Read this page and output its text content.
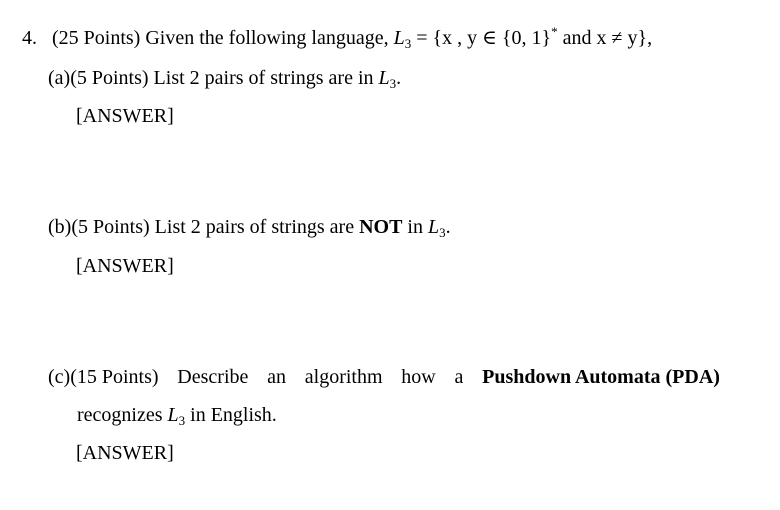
4. (25 Points) Given the following language, $L_3 = \{x$ , y ∈ {0, 1}* and x ≠ y},
(a)(5 Points) List 2 pairs of strings are in $L_3$.
[ANSWER]
(b)(5 Points) List 2 pairs of strings are NOT in $L_3$.
[ANSWER]
(c)(15 Points) Describe an algorithm how a Pushdown Automata (PDA)
recognizes $L_3$ in English.
[ANSWER]
